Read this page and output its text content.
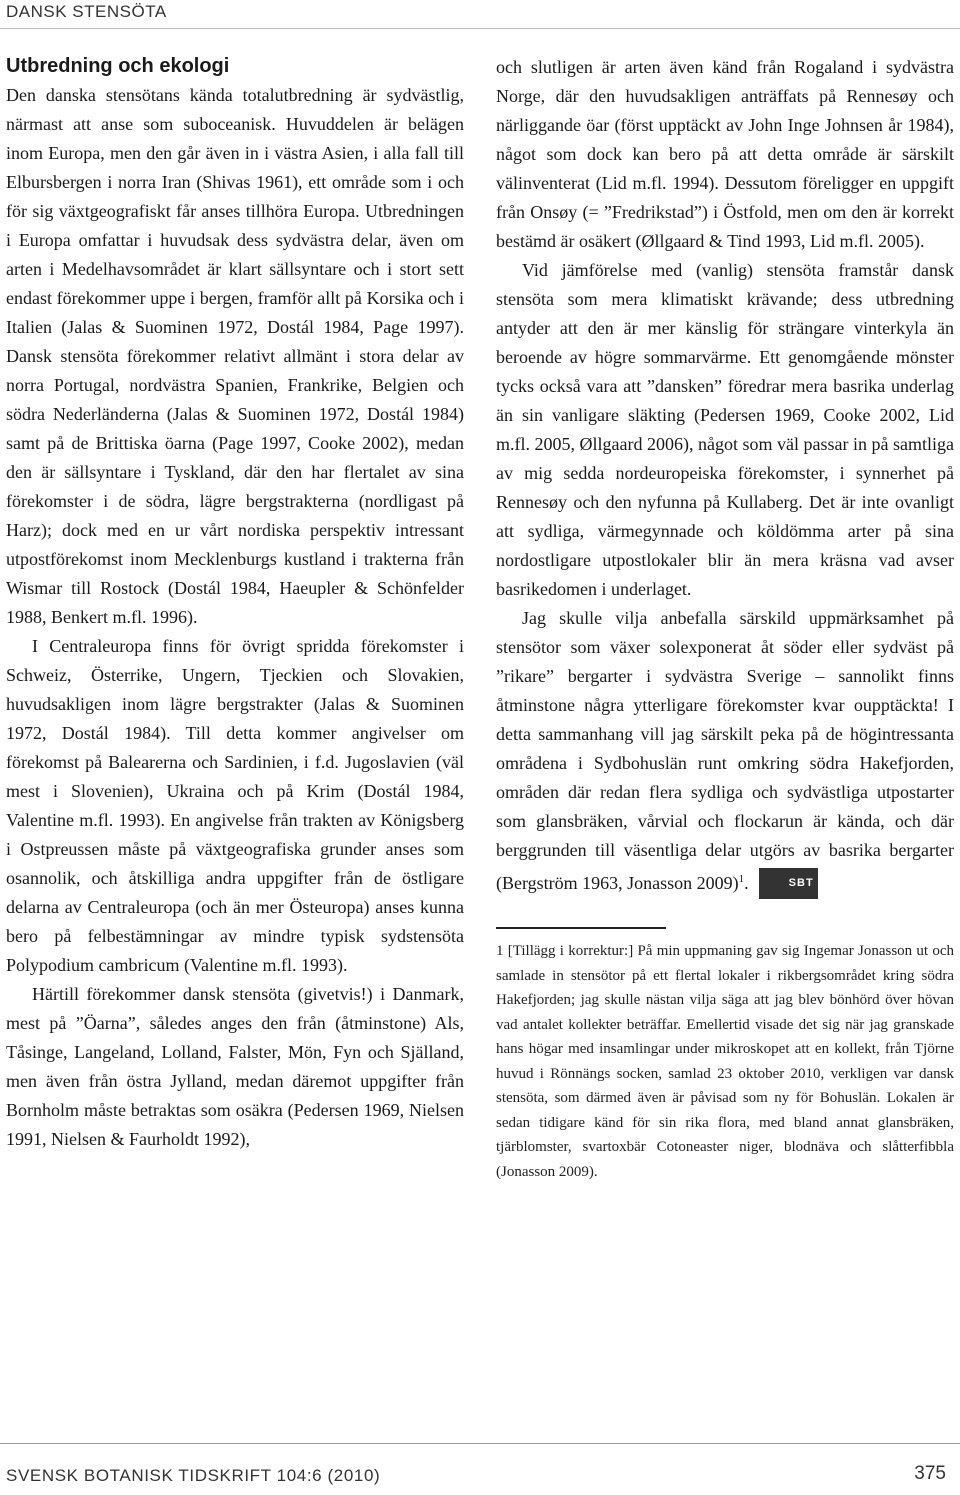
DANSK STENSÖTA
Utbredning och ekologi

Den danska stensötans kända totalutbredning är sydvästlig, närmast att anse som suboceanisk. Huvuddelen är belägen inom Europa, men den går även in i västra Asien, i alla fall till Elbursbergen i norra Iran (Shivas 1961), ett område som i och för sig växtgeografiskt får anses tillhöra Europa. Utbredningen i Europa omfattar i huvudsak dess sydvästra delar, även om arten i Medelhavsområdet är klart sällsyntare och i stort sett endast förekommer uppe i bergen, framför allt på Korsika och i Italien (Jalas & Suominen 1972, Dostál 1984, Page 1997). Dansk stensöta förekommer relativt allmänt i stora delar av norra Portugal, nordvästra Spanien, Frankrike, Belgien och södra Nederländerna (Jalas & Suominen 1972, Dostál 1984) samt på de Brittiska öarna (Page 1997, Cooke 2002), medan den är sällsyntare i Tyskland, där den har flertalet av sina förekomster i de södra, lägre bergstrakterna (nordligast på Harz); dock med en ur vårt nordiska perspektiv intressant utpostförekomst inom Mecklenburgs kustland i trakterna från Wismar till Rostock (Dostál 1984, Haeupler & Schönfelder 1988, Benkert m.fl. 1996).

I Centraleuropa finns för övrigt spridda förekomster i Schweiz, Österrike, Ungern, Tjeckien och Slovakien, huvudsakligen inom lägre bergstrakter (Jalas & Suominen 1972, Dostál 1984). Till detta kommer angivelser om förekomst på Balearerna och Sardinien, i f.d. Jugoslavien (väl mest i Slovenien), Ukraina och på Krim (Dostál 1984, Valentine m.fl. 1993). En angivelse från trakten av Königsberg i Ostpreussen måste på växtgeografiska grunder anses som osannolik, och åtskilliga andra uppgifter från de östligare delarna av Centraleuropa (och än mer Östeuropa) anses kunna bero på felbestämningar av mindre typisk sydstensöta Polypodium cambricum (Valentine m.fl. 1993).

Härtill förekommer dansk stensöta (givetvis!) i Danmark, mest på ”Öarna”, således anges den från (åtminstone) Als, Tåsinge, Langeland, Lolland, Falster, Mön, Fyn och Själland, men även från östra Jylland, medan däremot uppgifter från Bornholm måste betraktas som osäkra (Pedersen 1969, Nielsen 1991, Nielsen & Faurholdt 1992),

och slutligen är arten även känd från Rogaland i sydvästra Norge, där den huvudsakligen anträffats på Rennesøy och närliggande öar (först upptäckt av John Inge Johnsen år 1984), något som dock kan bero på att detta område är särskilt välinventerat (Lid m.fl. 1994). Dessutom föreligger en uppgift från Onsøy (= ”Fredrikstad”) i Östfold, men om den är korrekt bestämd är osäkert (Øllgaard & Tind 1993, Lid m.fl. 2005).

Vid jämförelse med (vanlig) stensöta framstår dansk stensöta som mera klimatiskt krävande; dess utbredning antyder att den är mer känslig för strängare vinterkyla än beroende av högre sommarvärme. Ett genomgående mönster tycks också vara att ”dansken” föredrar mera basrika underlag än sin vanligare släkting (Pedersen 1969, Cooke 2002, Lid m.fl. 2005, Øllgaard 2006), något som väl passar in på samtliga av mig sedda nordeuropeiska förekomster, i synnerhet på Rennesøy och den nyfunna på Kullaberg. Det är inte ovanligt att sydliga, värmegynnade och köldömma arter på sina nordostligare utpostlokaler blir än mera kräsna vad avser basrikedomen i underlaget.

Jag skulle vilja anbefalla särskild uppmärksamhet på stensötor som växer solexponerat åt söder eller sydväst på ”rikare” bergarter i sydvästra Sverige – sannolikt finns åtminstone några ytterligare förekomster kvar oupptäckta! I detta sammanhang vill jag särskilt peka på de högintressanta områdena i Sydbohuslän runt omkring södra Hakefjorden, områden där redan flera sydliga och sydvästliga utpostarter som glansbräken, vårvial och flockarun är kända, och där berggrunden till väsentliga delar utgörs av basrika bergarter (Bergström 1963, Jonasson 2009)$^1$.	SBT

1 [Tillägg i korrektur:] På min uppmaning gav sig Ingemar Jonasson ut och samlade in stensötor på ett flertal lokaler i rikbergsområdet kring södra Hakefjorden; jag skulle nästan vilja säga att jag blev bönhörd över hövan vad antalet kollekter beträffar. Emellertid visade det sig när jag granskade hans högar med insamlingar under mikroskopet att en kollekt, från Tjörne huvud i Rönnängs socken, samlad 23 oktober 2010, verkligen var dansk stensöta, som därmed även är påvisad som ny för Bohuslän. Lokalen är sedan tidigare känd för sin rika flora, med bland annat glansbräken, tjärblomster, svartoxbär Cotoneaster niger, blodnäva och slåtterfibbla (Jonasson 2009).

SVENSK BOTANISK TIDSKRIFT 104:6 (2010)	375
